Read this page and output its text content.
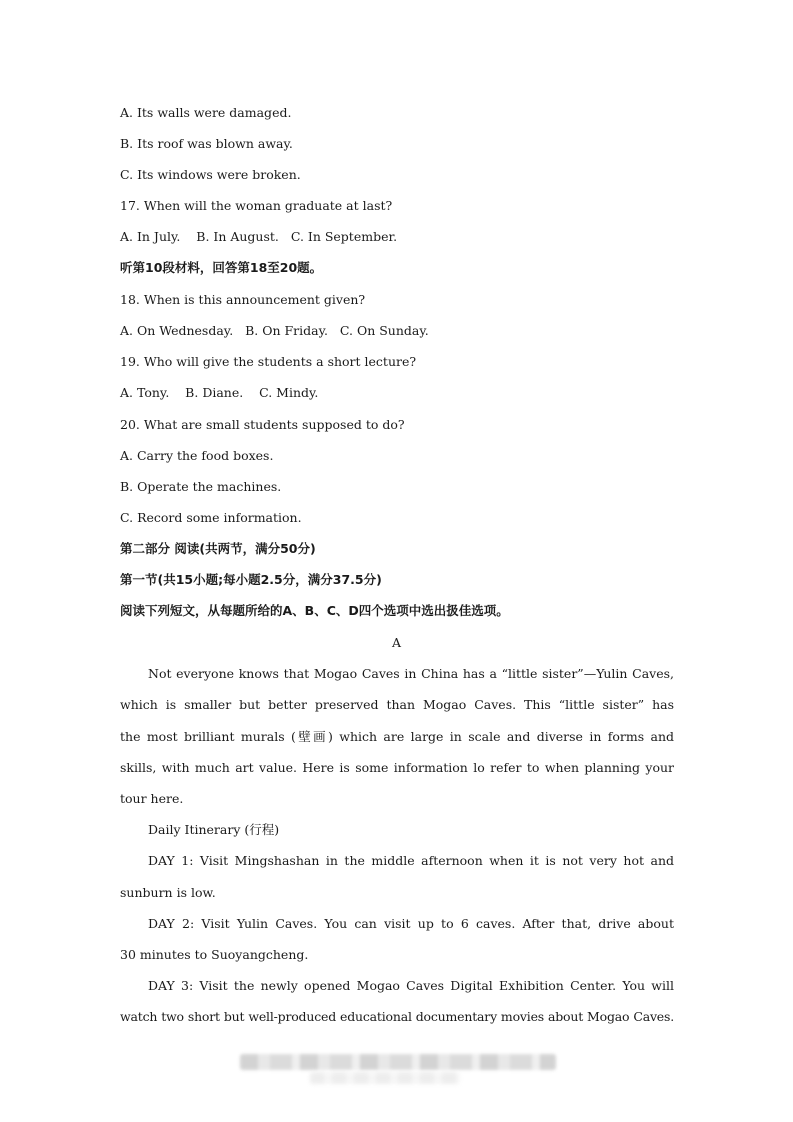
A. Its walls were damaged.
B. Its roof was blown away.
C. Its windows were broken.
17. When will the woman graduate at last?
A. In July.    B. In August.   C. In September.
听第10段材料，回答第18至20题。
18. When is this announcement given?
A. On Wednesday.   B. On Friday.   C. On Sunday.
19. Who will give the students a short lecture?
A. Tony.    B. Diane.    C. Mindy.
20. What are small students supposed to do?
A. Carry the food boxes.
B. Operate the machines.
C. Record some information.
第二部分 阅读(共两节，满分50分)
第一节(共15小题;每小题2.5分，满分37.5分)
阅读下列短文，从每题所给的A、B、C、D四个选项中选出扱佳选项。
A
Not everyone knows that Mogao Caves in China has a “little sister”—Yulin Caves,
which is smaller but better preserved than Mogao Caves. This “little sister” has
the most brilliant murals (壁画) which are large in scale and diverse in forms and
skills, with much art value. Here is some information lo refer to when planning your
tour here.
Daily Itinerary (行程)
DAY 1: Visit Mingshashan in the middle afternoon when it is not very hot and
sunburn is low.
DAY 2: Visit Yulin Caves. You can visit up to 6 caves. After that, drive about
30 minutes to Suoyangcheng.
DAY 3: Visit the newly opened Mogao Caves Digital Exhibition Center. You will
watch two short but well-produced educational documentary movies about Mogao Caves.
